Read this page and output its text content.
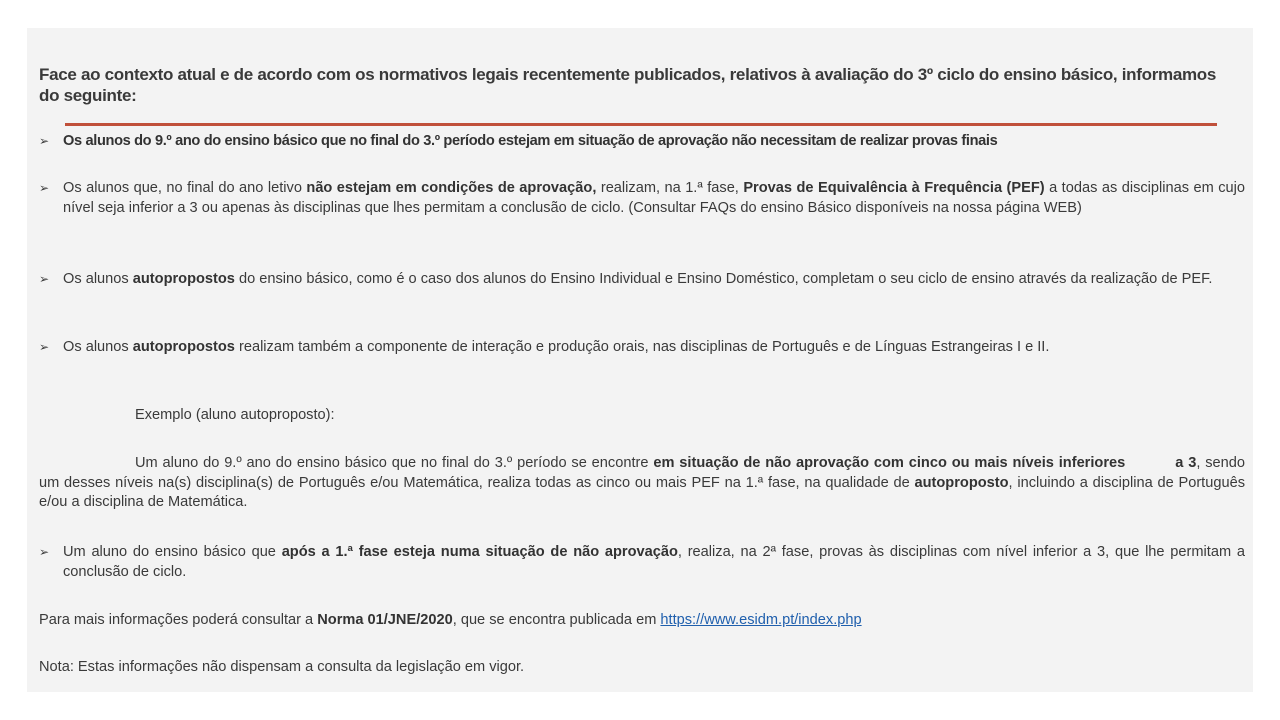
Face ao contexto atual e de acordo com os normativos legais recentemente publicados, relativos à avaliação do 3º ciclo do ensino básico, informamos do seguinte:
➢ Os alunos do 9.º ano do ensino básico que no final do 3.º período estejam em situação de aprovação não necessitam de realizar provas finais
➢ Os alunos que, no final do ano letivo não estejam em condições de aprovação, realizam, na 1.ª fase, Provas de Equivalência à Frequência (PEF) a todas as disciplinas em cujo nível seja inferior a 3 ou apenas às disciplinas que lhes permitam a conclusão de ciclo. (Consultar FAQs do ensino Básico disponíveis na nossa página WEB)
➢ Os alunos autopropostos do ensino básico, como é o caso dos alunos do Ensino Individual e Ensino Doméstico, completam o seu ciclo de ensino através da realização de PEF.
➢ Os alunos autopropostos realizam também a componente de interação e produção orais, nas disciplinas de Português e de Línguas Estrangeiras I e II.
Exemplo (aluno autoproposto):
Um aluno do 9.º ano do ensino básico que no final do 3.º período se encontre em situação de não aprovação com cinco ou mais níveis inferiores	a 3, sendo um desses níveis na(s) disciplina(s) de Português e/ou Matemática, realiza todas as cinco ou mais PEF na 1.ª fase, na qualidade de autoproposto, incluindo a disciplina de Português e/ou a disciplina de Matemática.
➢ Um aluno do ensino básico que após a 1.ª fase esteja numa situação de não aprovação, realiza, na 2ª fase, provas às disciplinas com nível inferior a 3, que lhe permitam a conclusão de ciclo.
Para mais informações poderá consultar a Norma 01/JNE/2020, que se encontra publicada em https://www.esidm.pt/index.php
Nota: Estas informações não dispensam a consulta da legislação em vigor.
